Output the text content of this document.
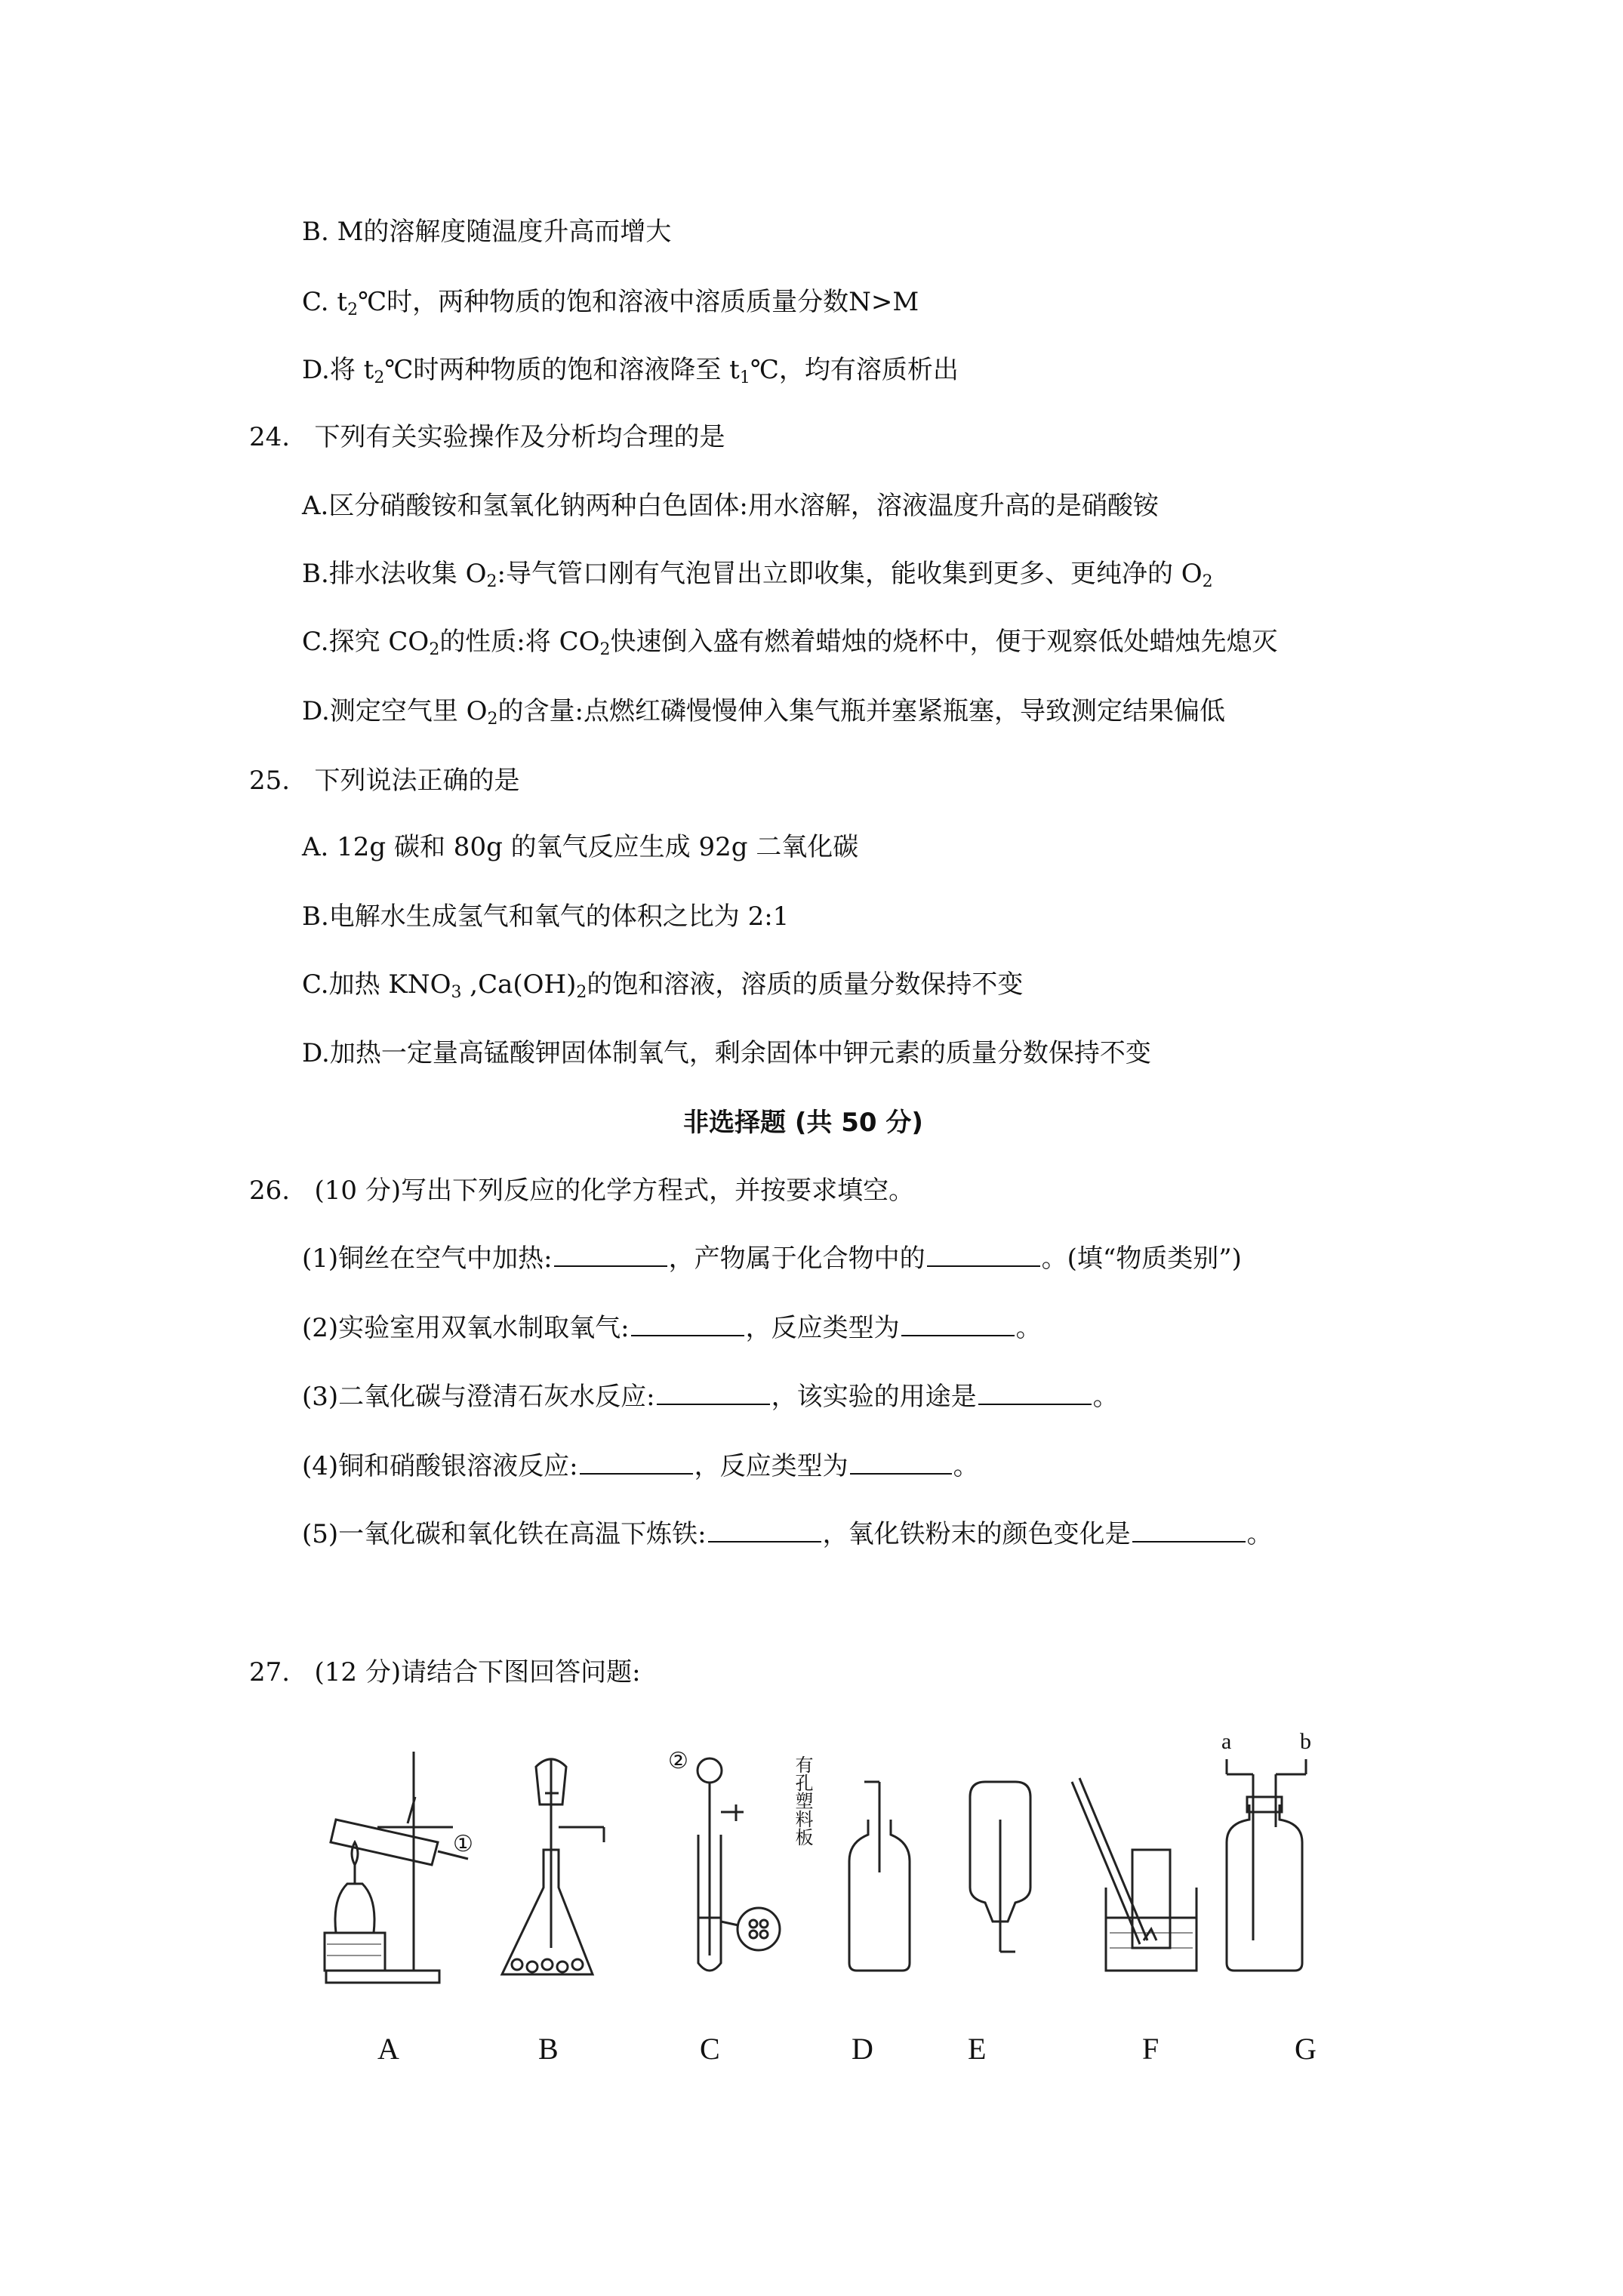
B. M的溶解度随温度升高而增大
C. $t_2℃$时，两种物质的饱和溶液中溶质质量分数N>M
D.将 $t_2℃$时两种物质的饱和溶液降至 $t_1℃$，均有溶质析出
24. 下列有关实验操作及分析均合理的是
A.区分硝酸铵和氢氧化钠两种白色固体:用水溶解，溶液温度升高的是硝酸铵
B.排水法收集 $O_2$:导气管口刚有气泡冒出立即收集，能收集到更多、更纯净的 $O_2$
C.探究 $CO_2$的性质:将 $CO_2$快速倒入盛有燃着蜡烛的烧杯中，便于观察低处蜡烛先熄灭
D.测定空气里 $O_2$的含量:点燃红磷慢慢伸入集气瓶并塞紧瓶塞，导致测定结果偏低
25. 下列说法正确的是
A. 12g 碳和 80g 的氧气反应生成 92g 二氧化碳
B.电解水生成氢气和氧气的体积之比为 2:1
C.加热 $KNO_3$ $,Ca(OH)_2$的饱和溶液，溶质的质量分数保持不变
D.加热一定量高锰酸钾固体制氧气，剩余固体中钾元素的质量分数保持不变
非选择题 (共 50 分)
26. (10 分)写出下列反应的化学方程式，并按要求填空。
(1)铜丝在空气中加热:	，产物属于化合物中的	。(填“物质类别”)
(2)实验室用双氧水制取氧气:	，反应类型为	。
(3)二氧化碳与澄清石灰水反应:	，该实验的用途是	。
(4)铜和硝酸银溶液反应:	，反应类型为	。
(5)一氧化碳和氧化铁在高温下炼铁:	，氧化铁粉末的颜色变化是	。
27. (12 分)请结合下图回答问题:
①
②	有孔塑料板
a	b
A	B	C	D	E	F	G
